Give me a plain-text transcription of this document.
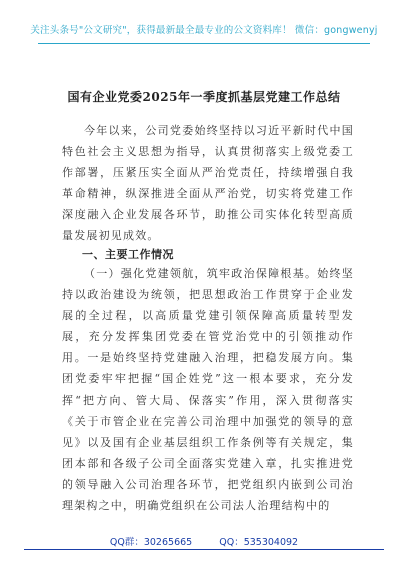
关注头条号"公文研究"，获得最新最全最专业的公文资料库！ 微信：gongwenyj
国有企业党委2025年一季度抓基层党建工作总结
今年以来，公司党委始终坚持以习近平新时代中国特色社会主义思想为指导，认真贯彻落实上级党委工作部署，压紧压实全面从严治党责任，持续增强自我革命精神，纵深推进全面从严治党，切实将党建工作深度融入企业发展各环节，助推公司实体化转型高质量发展初见成效。
一、主要工作情况
（一）强化党建领航，筑牢政治保障根基。始终坚持以政治建设为统领，把思想政治工作贯穿于企业发展的全过程，以高质量党建引领保障高质量转型发展，充分发挥集团党委在管党治党中的引领推动作用。一是始终坚持党建融入治理，把稳发展方向。集团党委牢牢把握“国企姓党”这一根本要求，充分发挥“把方向、管大局、保落实”作用，深入贯彻落实《关于市管企业在完善公司治理中加强党的领导的意见》以及国有企业基层组织工作条例等有关规定，集团本部和各级子公司全面落实党建入章，扎实推进党的领导融入公司治理各环节，把党组织内嵌到公司治理架构之中，明确党组织在公司法人治理结构中的
QQ群：30265665	QQ：535304092
